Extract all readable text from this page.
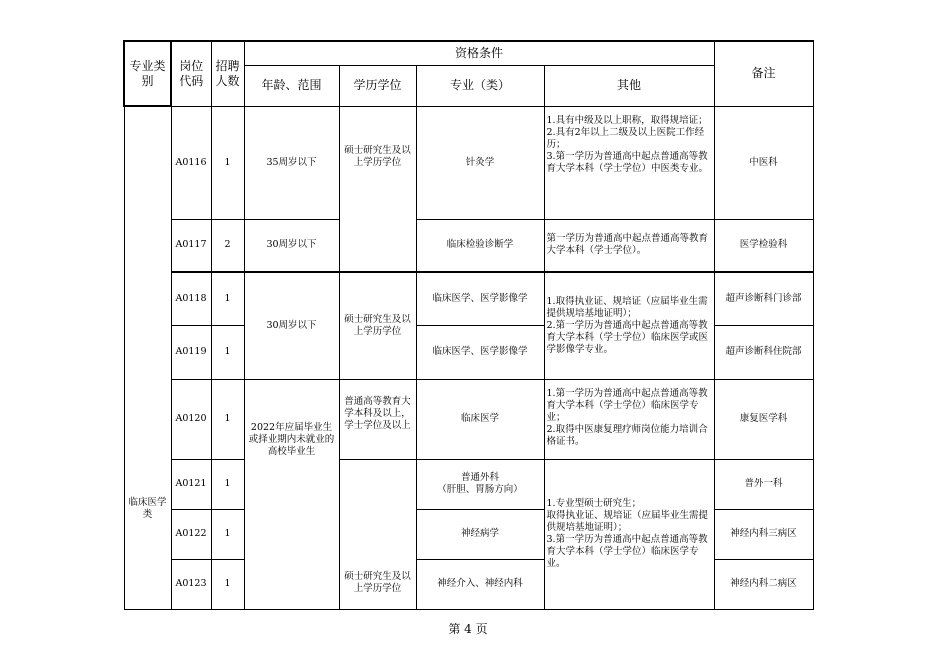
专业类别	岗位代码	招聘人数	资格条件				备注
			年龄、范围	学历学位	专业（类）	其他	
临床医学类	A0116	1	35周岁以下	硕士研究生及以上学历学位	针灸学	1.具有中级及以上职称，取得规培证；
2.具有2年以上二级及以上医院工作经历；
3.第一学历为普通高中起点普通高等教育大学本科（学士学位）中医类专业。	中医科
	A0117	2	30周岁以下		临床检验诊断学	第一学历为普通高中起点普通高等教育大学本科（学士学位）。	医学检验科
	A0118	1	30周岁以下	硕士研究生及以上学历学位	临床医学、医学影像学	1.取得执业证、规培证（应届毕业生需提供规培基地证明）；
2.第一学历为普通高中起点普通高等教育大学本科（学士学位）临床医学或医学影像学专业。	超声诊断科门诊部
	A0119	1			临床医学、医学影像学		超声诊断科住院部
	A0120	1	2022年应届毕业生或择业期内未就业的高校毕业生	普通高等教育大学本科及以上，学士学位及以上	临床医学	1.第一学历为普通高中起点普通高等教育大学本科（学士学位）临床医学专业；
2.取得中医康复理疗师岗位能力培训合格证书。	康复医学科
	A0121	1		硕士研究生及以上学历学位	普通外科
（肝胆、胃肠方向）	1.专业型硕士研究生；
取得执业证、规培证（应届毕业生需提供规培基地证明）；
3.第一学历为普通高中起点普通高等教育大学本科（学士学位）临床医学专业。	普外一科
	A0122	1			神经病学		神经内科三病区
	A0123	1			神经介入、神经内科		神经内科二病区
第 4 页
